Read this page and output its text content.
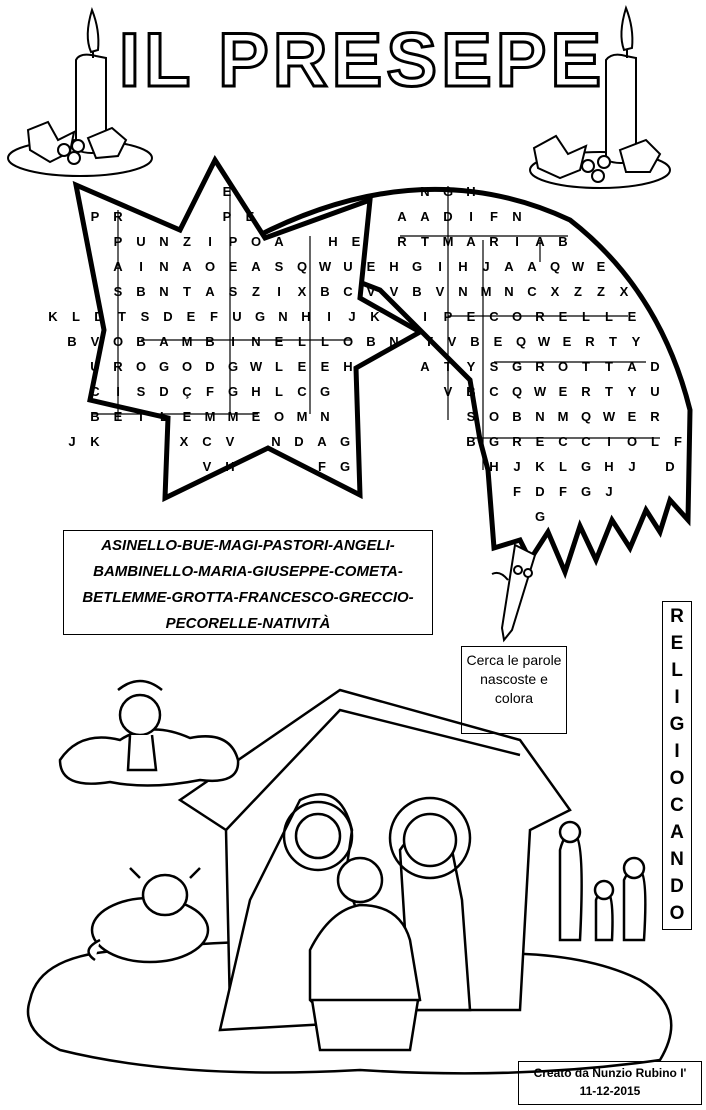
IL PRESEPE
N G H
E
P R	P E	A A D I F N
P U N Z I P O A	H E	R T M A R I A B
A I N A O E A S Q W U E H G I H J A A Q W E
S B N T A S Z I X B C V V B V N M N C X Z Z X
K L D T S D E F U G N H I J K	I P E C O R E L L E
B V O B A M B I N E L L O B N T V B E Q W E R T Y
U R O G O D G W L E E H	A T Y S G R O T T A D
C I S D Ç F G H L C G	V B C Q W E R T Y U
B E T L E M M E O M N	S O B N M Q W E R
J K	X C V	N D A G	B G R E C C I O L F
V H	F G	H J K L G H J D
F D F G J
G
ASINELLO-BUE-MAGI-PASTORI-ANGELI-
BAMBINELLO-MARIA-GIUSEPPE-COMETA-
BETLEMME-GROTTA-FRANCESCO-GRECCIO-
PECORELLE-NATIVITÀ
Cerca le parole nascoste e colora
R
E
L
I
G
I
O
C
A
N
D
O
Creato da Nunzio Rubino I'
11-12-2015
